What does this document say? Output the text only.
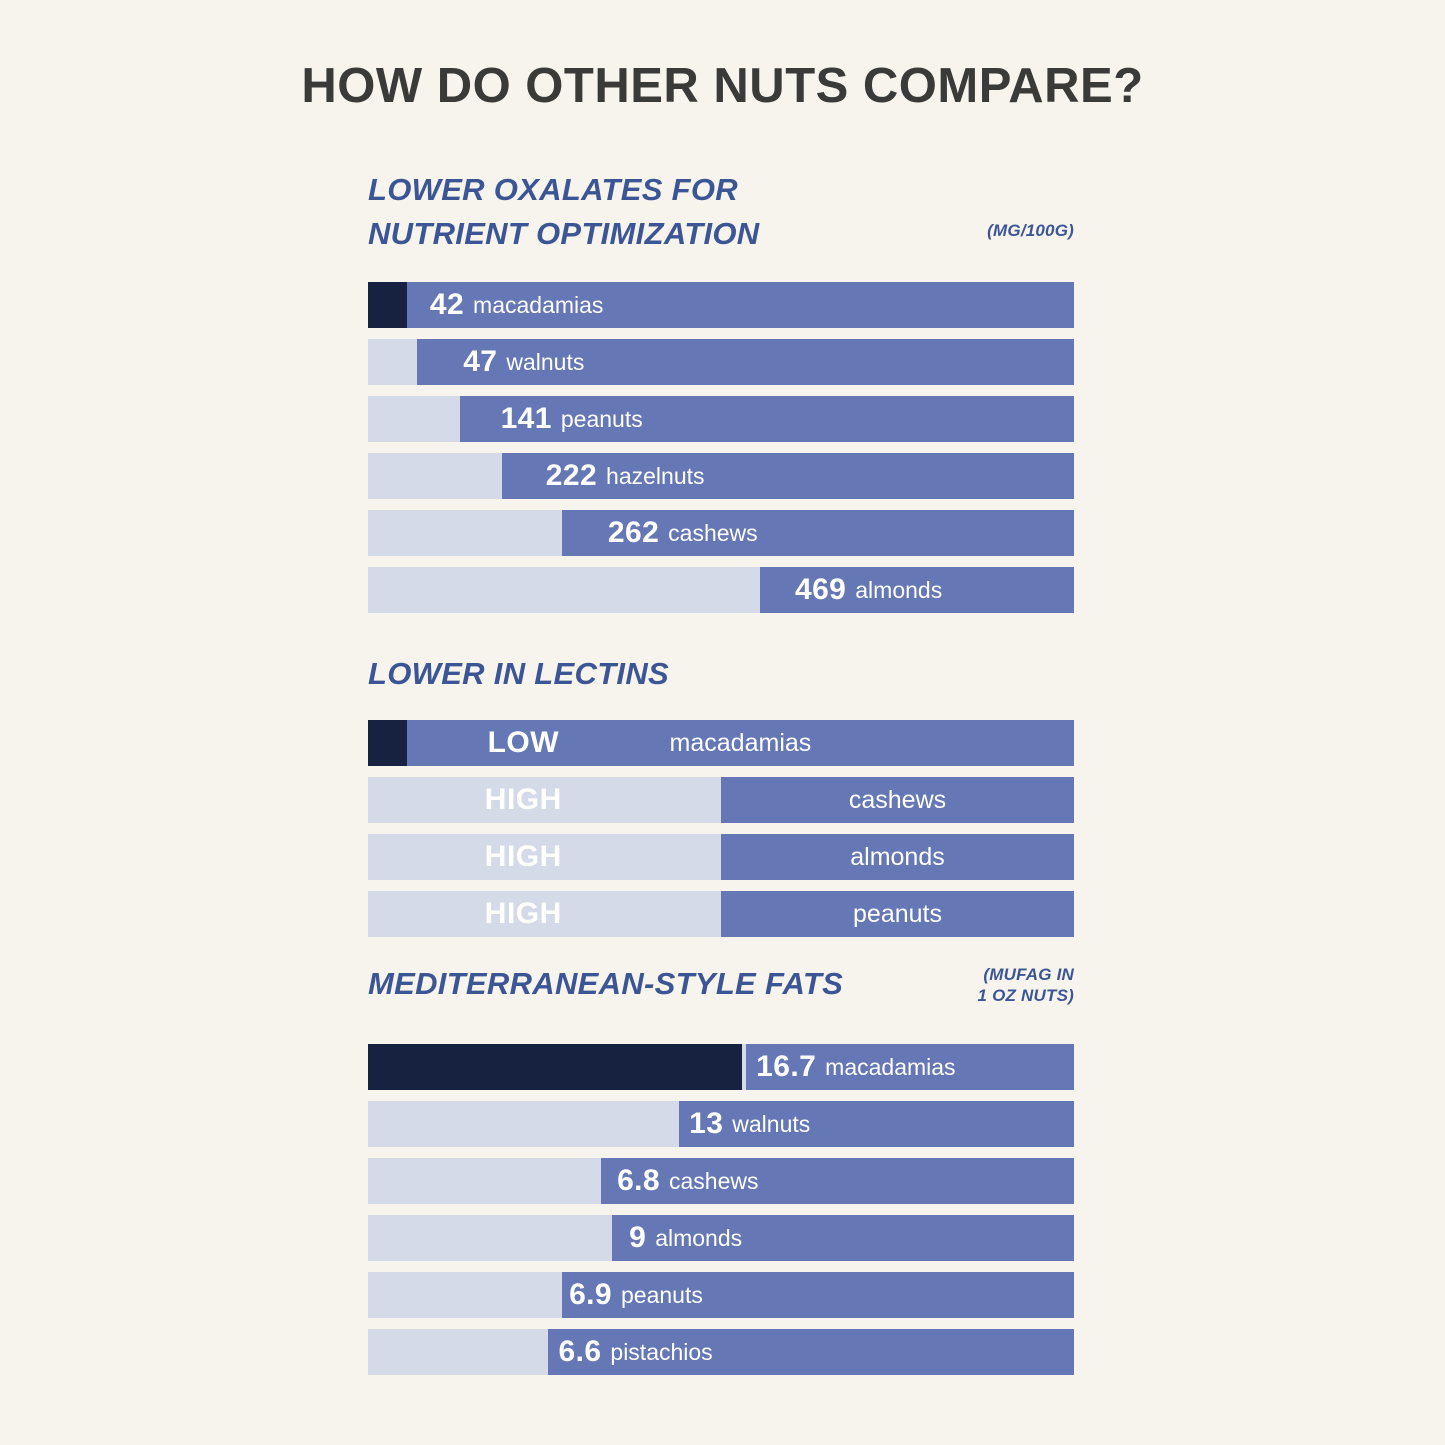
HOW DO OTHER NUTS COMPARE?
LOWER OXALATES FOR
NUTRIENT OPTIMIZATION	(MG/100G)
42 macadamias
47 walnuts
141 peanuts
222 hazelnuts
262 cashews
469 almonds
LOWER IN LECTINS
macadamias
LOW
cashews
HIGH
almonds
HIGH
peanuts
HIGH
MEDITERRANEAN-STYLE FATS	(MUFAG IN
1 OZ NUTS)
16.7 macadamias
13 walnuts
6.8 cashews
9 almonds
6.9 peanuts
6.6 pistachios
